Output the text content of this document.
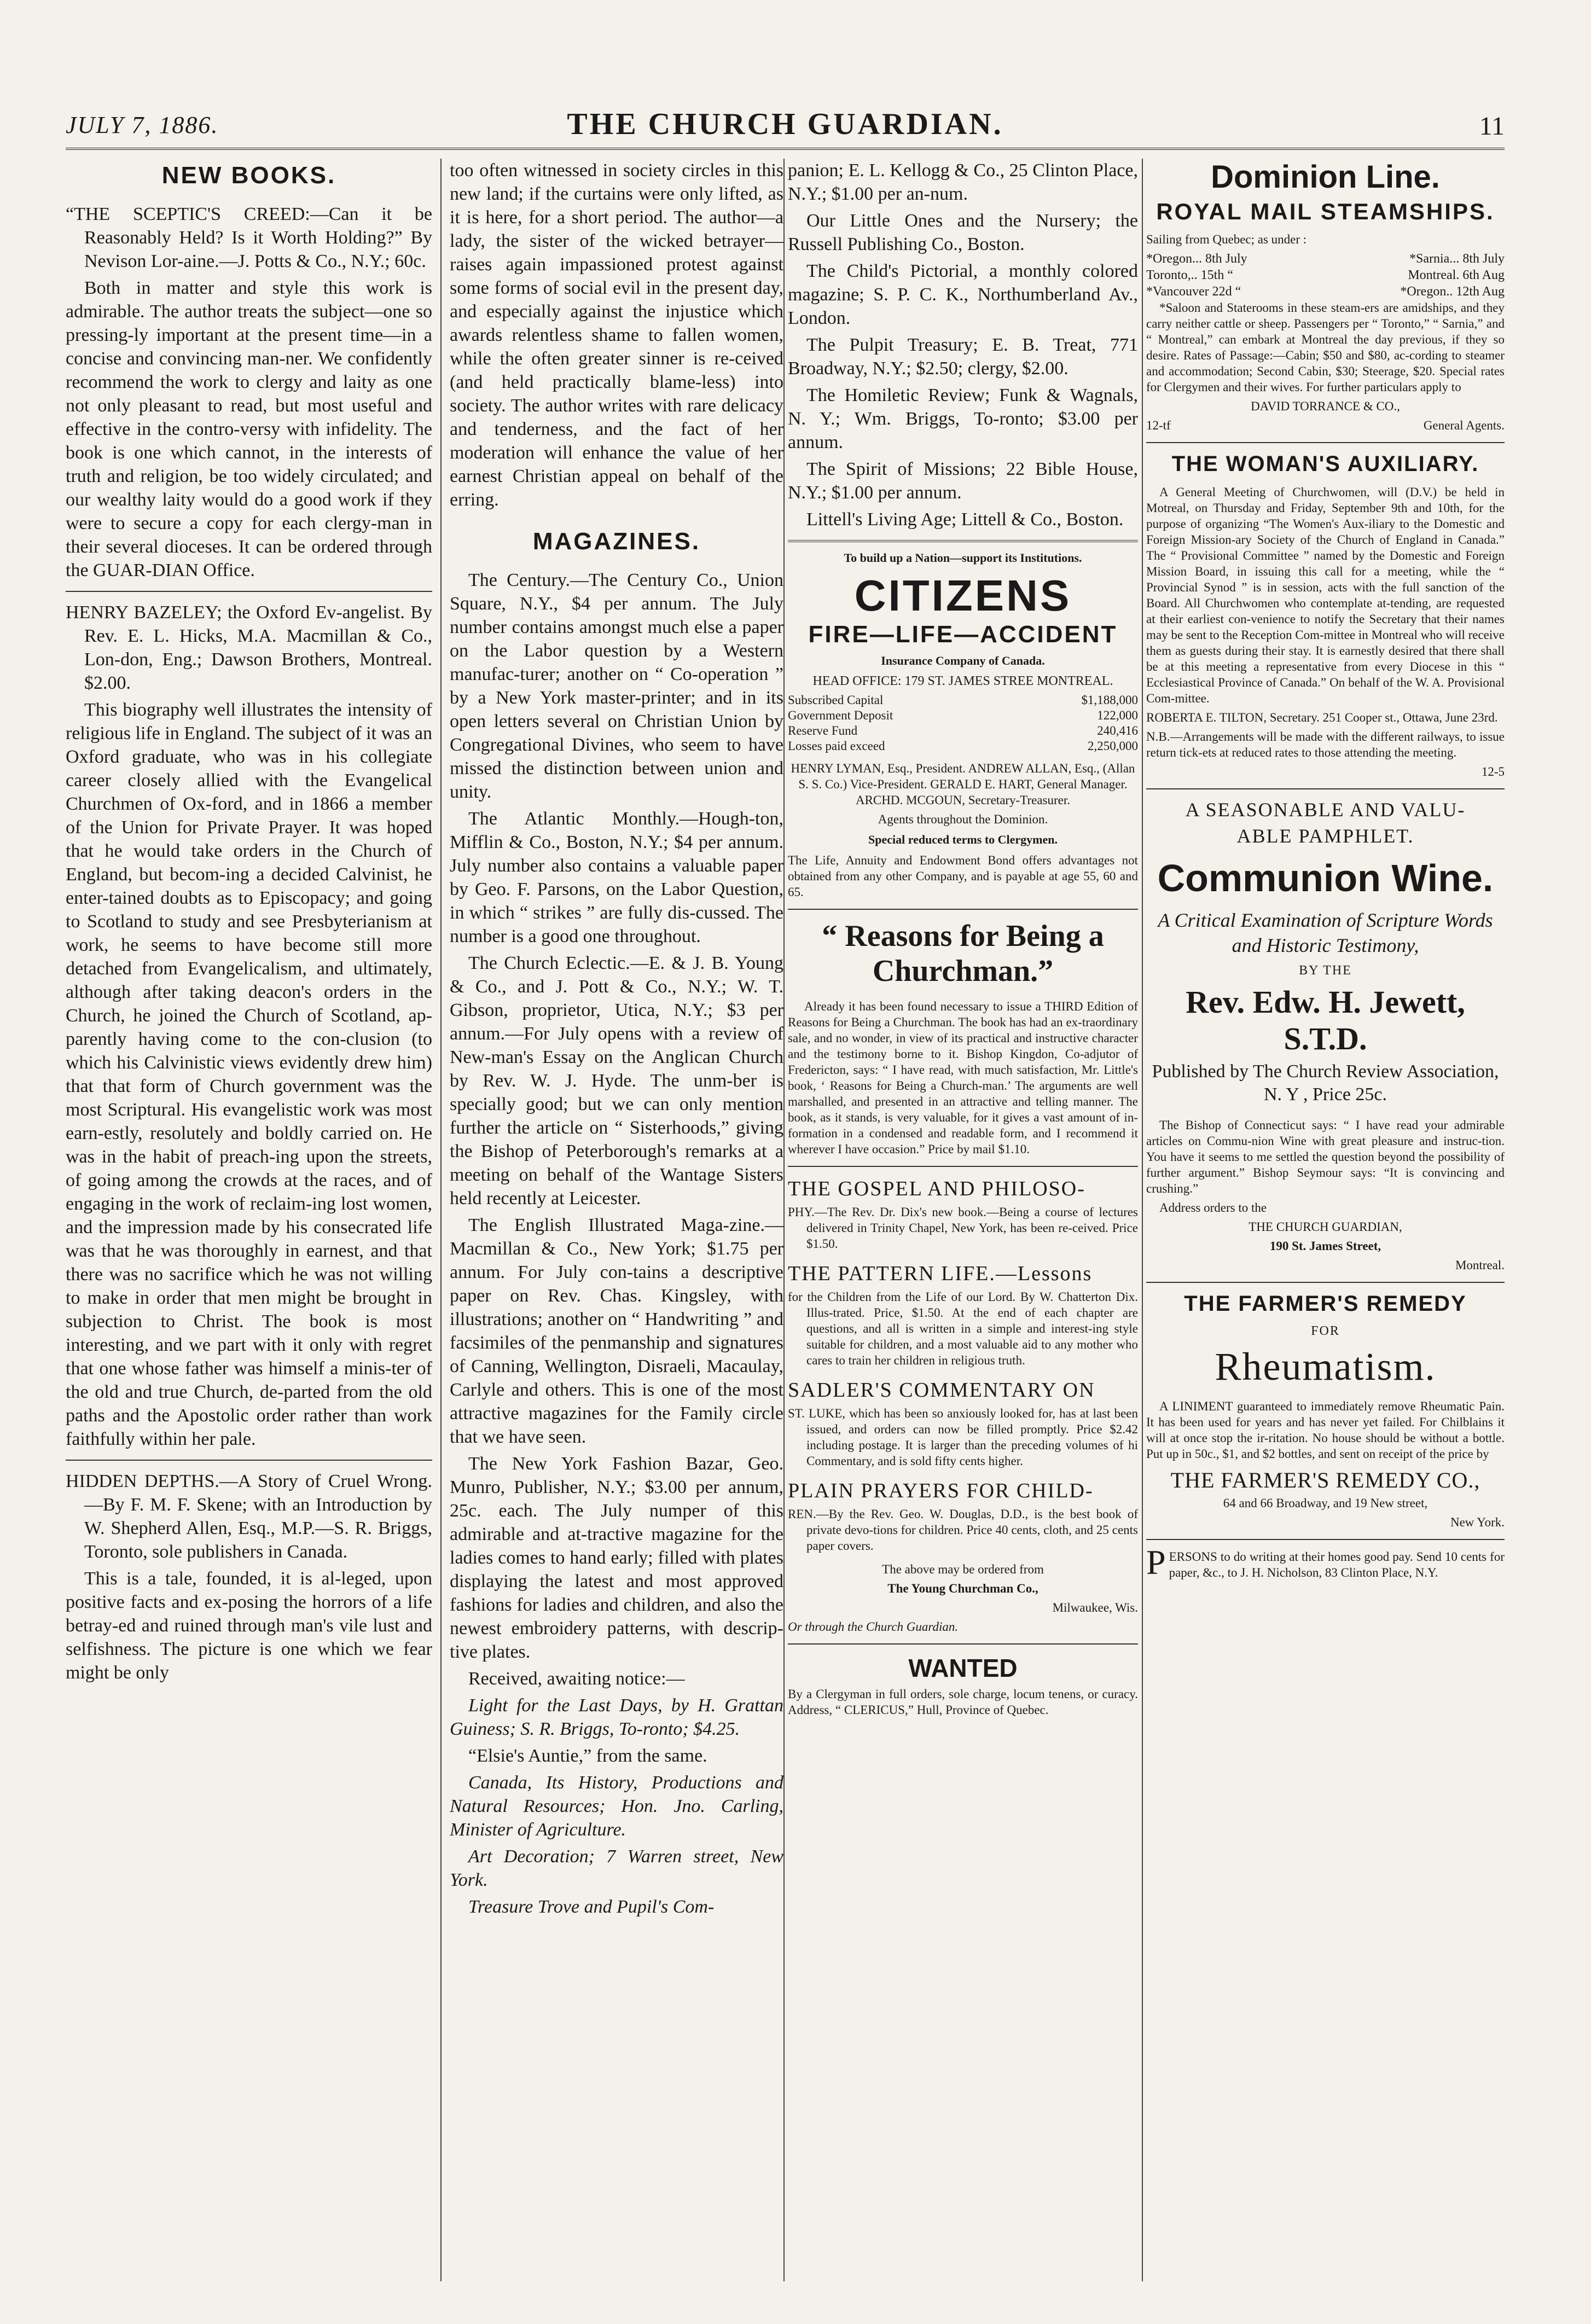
JULY 7, 1886.	THE CHURCH GUARDIAN.	11
NEW BOOKS.

“THE SCEPTIC'S CREED:—Can it be Reasonably Held? Is it Worth Holding?” By Nevison Lor-aine.—J. Potts & Co., N.Y.; 60c.

Both in matter and style this work is admirable. The author treats the subject—one so pressing-ly important at the present time—in a concise and convincing man-ner. We confidently recommend the work to clergy and laity as one not only pleasant to read, but most useful and effective in the contro-versy with infidelity. The book is one which cannot, in the interests of truth and religion, be too widely circulated; and our wealthy laity would do a good work if they were to secure a copy for each clergy-man in their several dioceses. It can be ordered through the GUAR-DIAN Office.

HENRY BAZELEY; the Oxford Ev-angelist. By Rev. E. L. Hicks, M.A. Macmillan & Co., Lon-don, Eng.; Dawson Brothers, Montreal. $2.00.

This biography well illustrates the intensity of religious life in England. The subject of it was an Oxford graduate, who was in his collegiate career closely allied with the Evangelical Churchmen of Ox-ford, and in 1866 a member of the Union for Private Prayer. It was hoped that he would take orders in the Church of England, but becom-ing a decided Calvinist, he enter-tained doubts as to Episcopacy; and going to Scotland to study and see Presbyterianism at work, he seems to have become still more detached from Evangelicalism, and ultimately, although after taking deacon's orders in the Church, he joined the Church of Scotland, ap-parently having come to the con-clusion (to which his Calvinistic views evidently drew him) that that form of Church government was the most Scriptural. His evangelistic work was most earn-estly, resolutely and boldly carried on. He was in the habit of preach-ing upon the streets, of going among the crowds at the races, and of engaging in the work of reclaim-ing lost women, and the impression made by his consecrated life was that he was thoroughly in earnest, and that there was no sacrifice which he was not willing to make in order that men might be brought in subjection to Christ. The book is most interesting, and we part with it only with regret that one whose father was himself a minis-ter of the old and true Church, de-parted from the old paths and the Apostolic order rather than work faithfully within her pale.

HIDDEN DEPTHS.—A Story of Cruel Wrong.—By F. M. F. Skene; with an Introduction by W. Shepherd Allen, Esq., M.P.—S. R. Briggs, Toronto, sole publishers in Canada.

This is a tale, founded, it is al-leged, upon positive facts and ex-posing the horrors of a life betray-ed and ruined through man's vile lust and selfishness. The picture is one which we fear might be only

too often witnessed in society circles in this new land; if the curtains were only lifted, as it is here, for a short period. The author—a lady, the sister of the wicked betrayer—raises again impassioned protest against some forms of social evil in the present day, and especially against the injustice which awards relentless shame to fallen women, while the often greater sinner is re-ceived (and held practically blame-less) into society. The author writes with rare delicacy and tenderness, and the fact of her moderation will enhance the value of her earnest Christian appeal on behalf of the erring.

MAGAZINES.

The Century.—The Century Co., Union Square, N.Y., $4 per annum. The July number contains amongst much else a paper on the Labor question by a Western manufac-turer; another on “ Co-operation ” by a New York master-printer; and in its open letters several on Christian Union by Congregational Divines, who seem to have missed the distinction between union and unity.

The Atlantic Monthly.—Hough-ton, Mifflin & Co., Boston, N.Y.; $4 per annum. July number also contains a valuable paper by Geo. F. Parsons, on the Labor Question, in which “ strikes ” are fully dis-cussed. The number is a good one throughout.

The Church Eclectic.—E. & J. B. Young & Co., and J. Pott & Co., N.Y.; W. T. Gibson, proprietor, Utica, N.Y.; $3 per annum.—For July opens with a review of New-man's Essay on the Anglican Church by Rev. W. J. Hyde. The unm-ber is specially good; but we can only mention further the article on “ Sisterhoods,” giving the Bishop of Peterborough's remarks at a meeting on behalf of the Wantage Sisters held recently at Leicester.

The English Illustrated Maga-zine.—Macmillan & Co., New York; $1.75 per annum. For July con-tains a descriptive paper on Rev. Chas. Kingsley, with illustrations; another on “ Handwriting ” and facsimiles of the penmanship and signatures of Canning, Wellington, Disraeli, Macaulay, Carlyle and others. This is one of the most attractive magazines for the Family circle that we have seen.

The New York Fashion Bazar, Geo. Munro, Publisher, N.Y.; $3.00 per annum, 25c. each. The July numper of this admirable and at-tractive magazine for the ladies comes to hand early; filled with plates displaying the latest and most approved fashions for ladies and children, and also the newest embroidery patterns, with descrip-tive plates.

Received, awaiting notice:—

Light for the Last Days, by H. Grattan Guiness; S. R. Briggs, To-ronto; $4.25.

“Elsie's Auntie,” from the same.

Canada, Its History, Productions and Natural Resources; Hon. Jno. Carling, Minister of Agriculture.

Art Decoration; 7 Warren street, New York.

Treasure Trove and Pupil's Com-

panion; E. L. Kellogg & Co., 25 Clinton Place, N.Y.; $1.00 per an-num.

Our Little Ones and the Nursery; the Russell Publishing Co., Boston.

The Child's Pictorial, a monthly colored magazine; S. P. C. K., Northumberland Av., London.

The Pulpit Treasury; E. B. Treat, 771 Broadway, N.Y.; $2.50; clergy, $2.00.

The Homiletic Review; Funk & Wagnals, N. Y.; Wm. Briggs, To-ronto; $3.00 per annum.

The Spirit of Missions; 22 Bible House, N.Y.; $1.00 per annum.

Littell's Living Age; Littell & Co., Boston.

To build up a Nation—support its Institutions.
CITIZENS
FIRE—LIFE—ACCIDENT
Insurance Company of Canada.
HEAD OFFICE: 179 ST. JAMES STREE MONTREAL.
Subscribed Capital	$1,188,000
Government Deposit	122,000
Reserve Fund	240,416
Losses paid exceed	2,250,000
HENRY LYMAN, Esq., President. ANDREW ALLAN, Esq., (Allan S. S. Co.) Vice-President. GERALD E. HART, General Manager. ARCHD. MCGOUN, Secretary-Treasurer.
Agents throughout the Dominion.
Special reduced terms to Clergymen.
The Life, Annuity and Endowment Bond offers advantages not obtained from any other Company, and is payable at age 55, 60 and 65.
“ Reasons for Being a Churchman.”
Already it has been found necessary to issue a THIRD Edition of Reasons for Being a Churchman. The book has had an ex-traordinary sale, and no wonder, in view of its practical and instructive character and the testimony borne to it. Bishop Kingdon, Co-adjutor of Fredericton, says: “ I have read, with much satisfaction, Mr. Little's book, ‘ Reasons for Being a Church-man.’ The arguments are well marshalled, and presented in an attractive and telling manner. The book, as it stands, is very valuable, for it gives a vast amount of in-formation in a condensed and readable form, and I recommend it wherever I have occasion.” Price by mail $1.10.
THE GOSPEL AND PHILOSO-
PHY.—The Rev. Dr. Dix's new book.—Being a course of lectures delivered in Trinity Chapel, New York, has been re-ceived. Price $1.50.
THE PATTERN LIFE.—Lessons
for the Children from the Life of our Lord. By W. Chatterton Dix. Illus-trated. Price, $1.50. At the end of each chapter are questions, and all is written in a simple and interest-ing style suitable for children, and a most valuable aid to any mother who cares to train her children in religious truth.
SADLER'S COMMENTARY ON
ST. LUKE, which has been so anxiously looked for, has at last been issued, and orders can now be filled promptly. Price $2.42 including postage. It is larger than the preceding volumes of hi Commentary, and is sold fifty cents higher.
PLAIN PRAYERS FOR CHILD-
REN.—By the Rev. Geo. W. Douglas, D.D., is the best book of private devo-tions for children. Price 40 cents, cloth, and 25 cents paper covers.
The above may be ordered from
The Young Churchman Co.,
Milwaukee, Wis.
Or through the Church Guardian.
WANTED
By a Clergyman in full orders, sole charge, locum tenens, or curacy. Address, “ CLERICUS,” Hull, Province of Quebec.
Dominion Line.
ROYAL MAIL STEAMSHIPS.
Sailing from Quebec; as under :
*Oregon... 8th July	*Sarnia... 8th July
Toronto,.. 15th “	Montreal. 6th Aug
*Vancouver 22d “	*Oregon.. 12th Aug
*Saloon and Staterooms in these steam-ers are amidships, and they carry neither cattle or sheep. Passengers per “ Toronto,” “ Sarnia,” and “ Montreal,” can embark at Montreal the day previous, if they so desire. Rates of Passage:—Cabin; $50 and $80, ac-cording to steamer and accommodation; Second Cabin, $30; Steerage, $20. Special rates for Clergymen and their wives. For further particulars apply to
DAVID TORRANCE & CO.,
12-tf	General Agents.
THE WOMAN'S AUXILIARY.
A General Meeting of Churchwomen, will (D.V.) be held in Motreal, on Thursday and Friday, September 9th and 10th, for the purpose of organizing “The Women's Aux-iliary to the Domestic and Foreign Mission-ary Society of the Church of England in Canada.” The “ Provisional Committee ” named by the Domestic and Foreign Mission Board, in issuing this call for a meeting, while the “ Provincial Synod ” is in session, acts with the full sanction of the Board. All Churchwomen who contemplate at-tending, are requested at their earliest con-venience to notify the Secretary that their names may be sent to the Reception Com-mittee in Montreal who will receive them as guests during their stay. It is earnestly desired that there shall be at this meeting a representative from every Diocese in this “ Ecclesiastical Province of Canada.” On behalf of the W. A. Provisional Com-mittee.
ROBERTA E. TILTON, Secretary. 251 Cooper st., Ottawa, June 23rd.
N.B.—Arrangements will be made with the different railways, to issue return tick-ets at reduced rates to those attending the meeting.
12-5
A SEASONABLE AND VALU-
ABLE PAMPHLET.
Communion Wine.
A Critical Examination of Scripture Words and Historic Testimony,
BY THE
Rev. Edw. H. Jewett, S.T.D.
Published by The Church Review Association, N. Y , Price 25c.
The Bishop of Connecticut says: “ I have read your admirable articles on Commu-nion Wine with great pleasure and instruc-tion. You have it seems to me settled the question beyond the possibility of further argument.” Bishop Seymour says: “It is convincing and crushing.”
Address orders to the
THE CHURCH GUARDIAN,
190 St. James Street,
Montreal.
THE FARMER'S REMEDY
FOR
Rheumatism.
A LINIMENT guaranteed to immediately remove Rheumatic Pain. It has been used for years and has never yet failed. For Chilblains it will at once stop the ir-ritation. No house should be without a bottle. Put up in 50c., $1, and $2 bottles, and sent on receipt of the price by
THE FARMER'S REMEDY CO.,
64 and 66 Broadway, and 19 New street,
New York.
PERSONS to do writing at their homes good pay. Send 10 cents for paper, &c., to J. H. Nicholson, 83 Clinton Place, N.Y.
